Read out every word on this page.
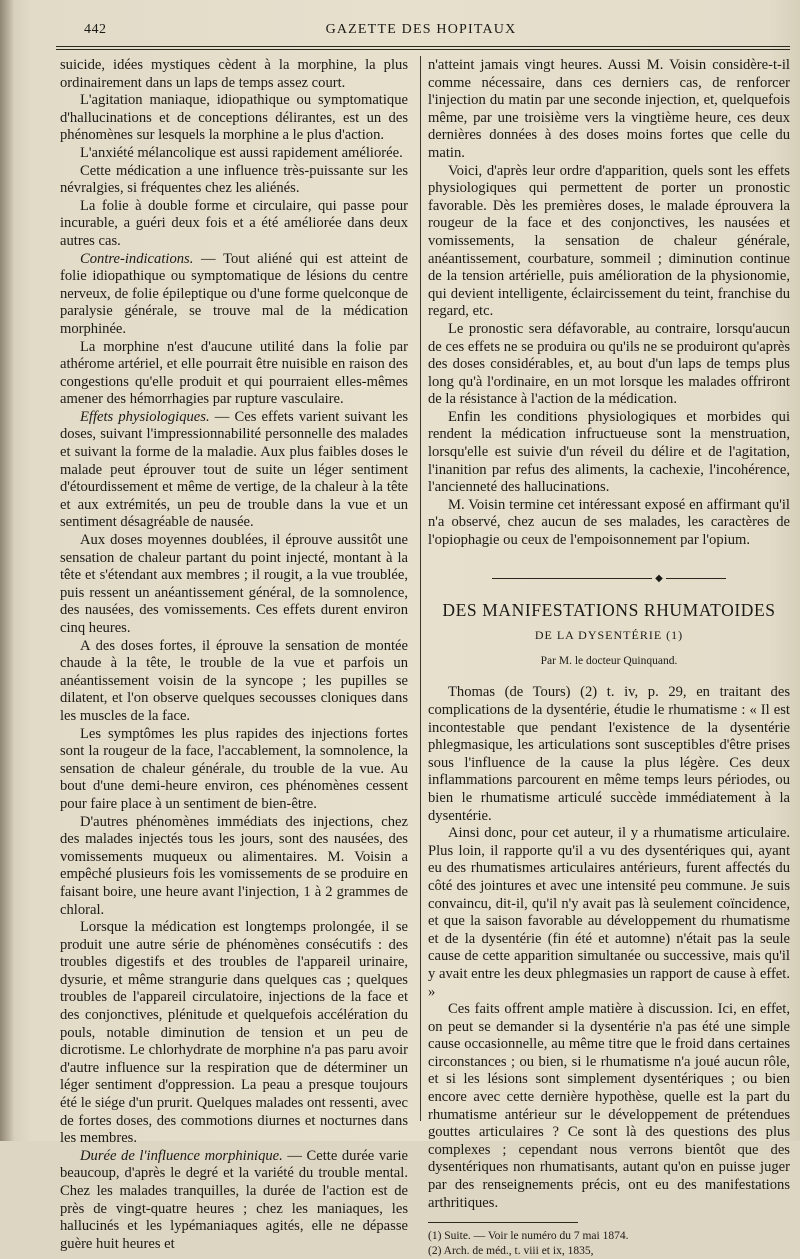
442	GAZETTE DES HOPITAUX

suicide, idées mystiques cèdent à la morphine, la plus ordinairement dans un laps de temps assez court.

L'agitation maniaque, idiopathique ou symptomatique d'hallucinations et de conceptions délirantes, est un des phénomènes sur lesquels la morphine a le plus d'action.

L'anxiété mélancolique est aussi rapidement améliorée.

Cette médication a une influence très-puissante sur les névralgies, si fréquentes chez les aliénés.

La folie à double forme et circulaire, qui passe pour incurable, a guéri deux fois et a été améliorée dans deux autres cas.

Contre-indications. — Tout aliéné qui est atteint de folie idiopathique ou symptomatique de lésions du centre nerveux, de folie épileptique ou d'une forme quelconque de paralysie générale, se trouve mal de la médication morphinée.

La morphine n'est d'aucune utilité dans la folie par athérome artériel, et elle pourrait être nuisible en raison des congestions qu'elle produit et qui pourraient elles-mêmes amener des hémorrhagies par rupture vasculaire.

Effets physiologiques. — Ces effets varient suivant les doses, suivant l'impressionnabilité personnelle des malades et suivant la forme de la maladie. Aux plus faibles doses le malade peut éprouver tout de suite un léger sentiment d'étourdissement et même de vertige, de la chaleur à la tête et aux extrémités, un peu de trouble dans la vue et un sentiment désagréable de nausée.

Aux doses moyennes doublées, il éprouve aussitôt une sensation de chaleur partant du point injecté, montant à la tête et s'étendant aux membres ; il rougit, a la vue troublée, puis ressent un anéantissement général, de la somnolence, des nausées, des vomissements. Ces effets durent environ cinq heures.

A des doses fortes, il éprouve la sensation de montée chaude à la tête, le trouble de la vue et parfois un anéantissement voisin de la syncope ; les pupilles se dilatent, et l'on observe quelques secousses cloniques dans les muscles de la face.

Les symptômes les plus rapides des injections fortes sont la rougeur de la face, l'accablement, la somnolence, la sensation de chaleur générale, du trouble de la vue. Au bout d'une demi-heure environ, ces phénomènes cessent pour faire place à un sentiment de bien-être.

D'autres phénomènes immédiats des injections, chez des malades injectés tous les jours, sont des nausées, des vomissements muqueux ou alimentaires. M. Voisin a empêché plusieurs fois les vomissements de se produire en faisant boire, une heure avant l'injection, 1 à 2 grammes de chloral.

Lorsque la médication est longtemps prolongée, il se produit une autre série de phénomènes consécutifs : des troubles digestifs et des troubles de l'appareil urinaire, dysurie, et même strangurie dans quelques cas ; quelques troubles de l'appareil circulatoire, injections de la face et des conjonctives, plénitude et quelquefois accélération du pouls, notable diminution de tension et un peu de dicrotisme. Le chlorhydrate de morphine n'a pas paru avoir d'autre influence sur la respiration que de déterminer un léger sentiment d'oppression. La peau a presque toujours été le siége d'un prurit. Quelques malades ont ressenti, avec de fortes doses, des commotions diurnes et nocturnes dans les membres.

Durée de l'influence morphinique. — Cette durée varie beaucoup, d'après le degré et la variété du trouble mental. Chez les malades tranquilles, la durée de l'action est de près de vingt-quatre heures ; chez les maniaques, les hallucinés et les lypémaniaques agités, elle ne dépasse guère huit heures et

n'atteint jamais vingt heures. Aussi M. Voisin considère-t-il comme nécessaire, dans ces derniers cas, de renforcer l'injection du matin par une seconde injection, et, quelquefois même, par une troisième vers la vingtième heure, ces deux dernières données à des doses moins fortes que celle du matin.

Voici, d'après leur ordre d'apparition, quels sont les effets physiologiques qui permettent de porter un pronostic favorable. Dès les premières doses, le malade éprouvera la rougeur de la face et des conjonctives, les nausées et vomissements, la sensation de chaleur générale, anéantissement, courbature, sommeil ; diminution continue de la tension artérielle, puis amélioration de la physionomie, qui devient intelligente, éclaircissement du teint, franchise du regard, etc.

Le pronostic sera défavorable, au contraire, lorsqu'aucun de ces effets ne se produira ou qu'ils ne se produiront qu'après des doses considérables, et, au bout d'un laps de temps plus long qu'à l'ordinaire, en un mot lorsque les malades offriront de la résistance à l'action de la médication.

Enfin les conditions physiologiques et morbides qui rendent la médication infructueuse sont la menstruation, lorsqu'elle est suivie d'un réveil du délire et de l'agitation, l'inanition par refus des aliments, la cachexie, l'incohérence, l'ancienneté des hallucinations.

M. Voisin termine cet intéressant exposé en affirmant qu'il n'a observé, chez aucun de ses malades, les caractères de l'opiophagie ou ceux de l'empoisonnement par l'opium.

◆
DES MANIFESTATIONS RHUMATOIDES
DE LA DYSENTÉRIE (1)
Par M. le docteur Quinquand.

Thomas (de Tours) (2) t. iv, p. 29, en traitant des complications de la dysentérie, étudie le rhumatisme : « Il est incontestable que pendant l'existence de la dysentérie phlegmasique, les articulations sont susceptibles d'être prises sous l'influence de la cause la plus légère. Ces deux inflammations parcourent en même temps leurs périodes, ou bien le rhumatisme articulé succède immédiatement à la dysentérie.

Ainsi donc, pour cet auteur, il y a rhumatisme articulaire. Plus loin, il rapporte qu'il a vu des dysentériques qui, ayant eu des rhumatismes articulaires antérieurs, furent affectés du côté des jointures et avec une intensité peu commune. Je suis convaincu, dit-il, qu'il n'y avait pas là seulement coïncidence, et que la saison favorable au développement du rhumatisme et de la dysentérie (fin été et automne) n'était pas la seule cause de cette apparition simultanée ou successive, mais qu'il y avait entre les deux phlegmasies un rapport de cause à effet. »

Ces faits offrent ample matière à discussion. Ici, en effet, on peut se demander si la dysentérie n'a pas été une simple cause occasionnelle, au même titre que le froid dans certaines circonstances ; ou bien, si le rhumatisme n'a joué aucun rôle, et si les lésions sont simplement dysentériques ; ou bien encore avec cette dernière hypothèse, quelle est la part du rhumatisme antérieur sur le développement de prétendues gouttes articulaires ? Ce sont là des questions des plus complexes ; cependant nous verrons bientôt que des dysentériques non rhumatisants, autant qu'on en puisse juger par des renseignements précis, ont eu des manifestations arthritiques.

(1) Suite. — Voir le numéro du 7 mai 1874.
(2) Arch. de méd., t. viii et ix, 1835,
